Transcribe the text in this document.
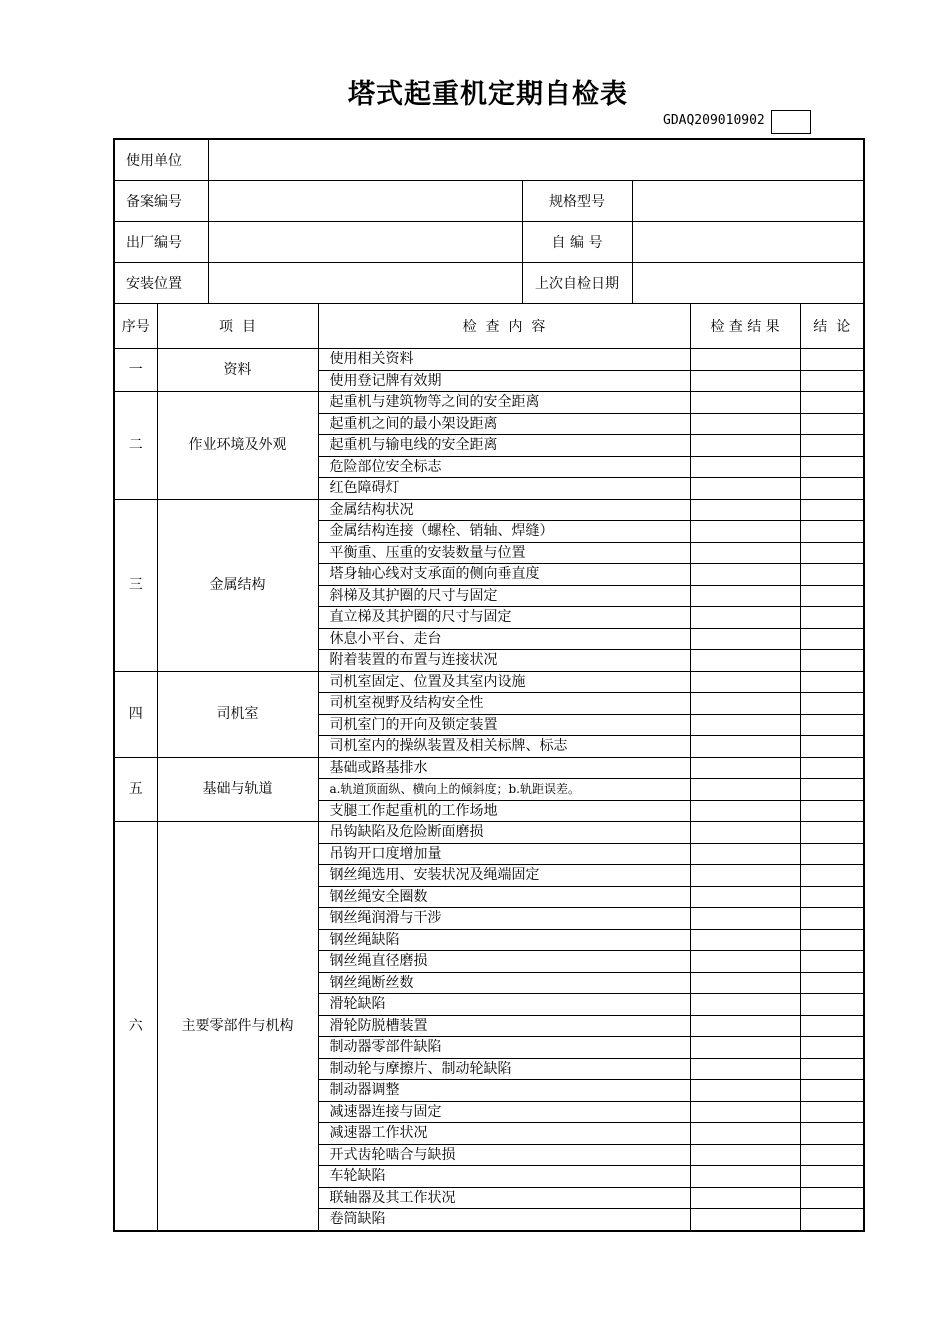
塔式起重机定期自检表
GDAQ209010902
使用单位							
备案编号				规格型号			
出厂编号				自 编 号			
安装位置				上次自检日期			
序号	项  目		检  查  内  容			检 查 结 果	结  论
一	资料		使用相关资料				
			使用登记牌有效期				
二	作业环境及外观		起重机与建筑物等之间的安全距离				
			起重机之间的最小架设距离				
			起重机与输电线的安全距离				
			危险部位安全标志				
			红色障碍灯				
三	金属结构		金属结构状况				
			金属结构连接（螺栓、销轴、焊缝）				
			平衡重、压重的安装数量与位置				
			塔身轴心线对支承面的侧向垂直度				
			斜梯及其护圈的尺寸与固定				
			直立梯及其护圈的尺寸与固定				
			休息小平台、走台				
			附着装置的布置与连接状况				
四	司机室		司机室固定、位置及其室内设施				
			司机室视野及结构安全性				
			司机室门的开向及锁定装置				
			司机室内的操纵装置及相关标牌、标志				
五	基础与轨道		基础或路基排水				
			a.轨道顶面纵、横向上的倾斜度；b.轨距误差。				
			支腿工作起重机的工作场地				
六	主要零部件与机构		吊钩缺陷及危险断面磨损				
			吊钩开口度增加量				
			钢丝绳选用、安装状况及绳端固定				
			钢丝绳安全圈数				
			钢丝绳润滑与干涉				
			钢丝绳缺陷				
			钢丝绳直径磨损				
			钢丝绳断丝数				
			滑轮缺陷				
			滑轮防脱槽装置				
			制动器零部件缺陷				
			制动轮与摩擦片、制动轮缺陷				
			制动器调整				
			减速器连接与固定				
			减速器工作状况				
			开式齿轮啮合与缺损				
			车轮缺陷				
			联轴器及其工作状况				
			卷筒缺陷				
